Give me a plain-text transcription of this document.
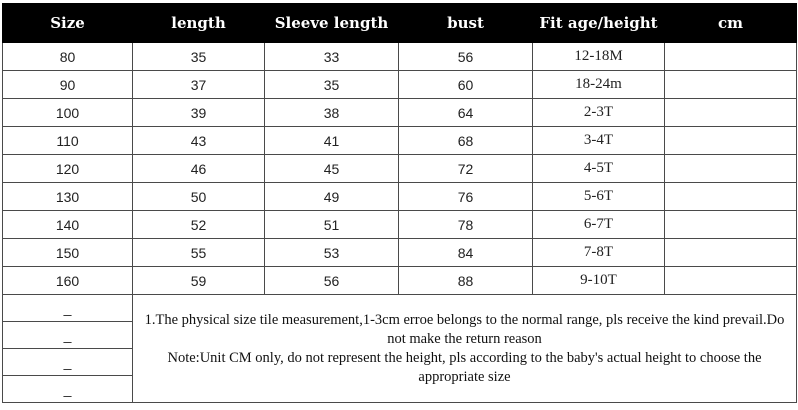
Size	length	Sleeve length	bust	Fit age/height	cm
80	35	33	56	12-18M	
90	37	35	60	18-24m	
100	39	38	64	2-3T	
110	43	41	68	3-4T	
120	46	45	72	4-5T	
130	50	49	76	5-6T	
140	52	51	78	6-7T	
150	55	53	84	7-8T	
160	59	56	88	9-10T	
_	1.The physical size tile measurement,1-3cm erroe belongs to the normal range, pls receive the kind prevail.Do not make the return reason
Note:Unit CM only, do not represent the height, pls according to the baby's actual height to choose the appropriate size				

_					
_					
_					
